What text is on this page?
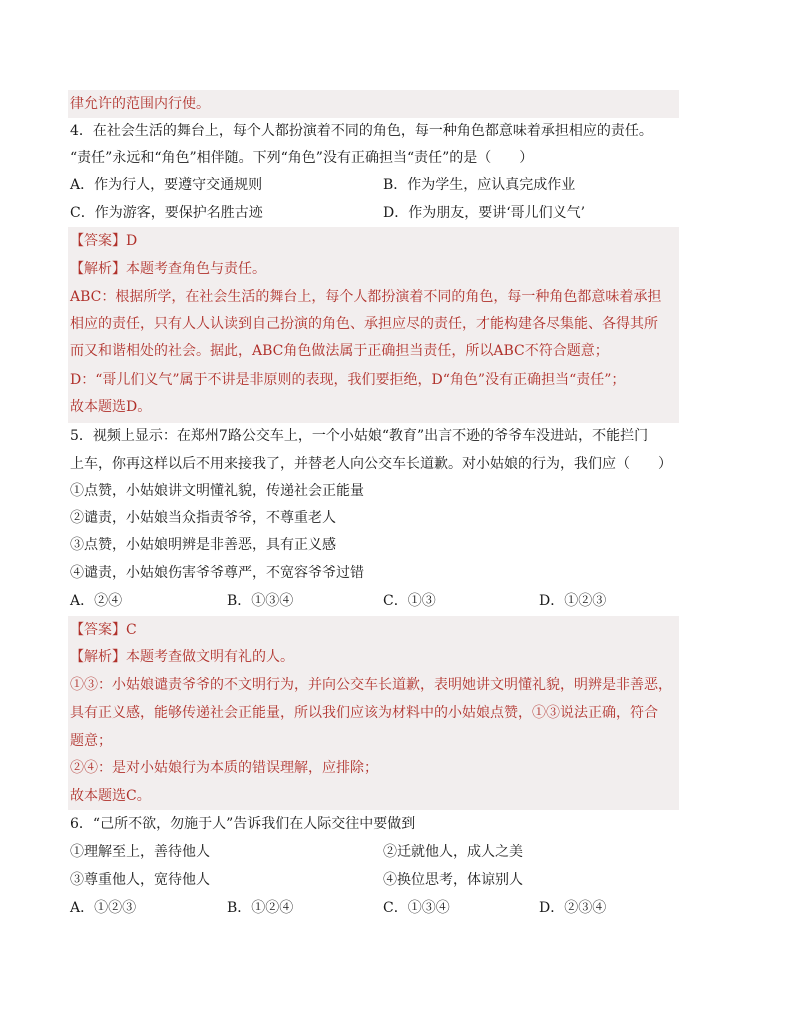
律允许的范围内行使。
4．在社会生活的舞台上，每个人都扮演着不同的角色，每一种角色都意味着承担相应的责任。
“责任”永远和“角色”相伴随。下列“角色”没有正确担当“责任”的是（　　）
A．作为行人，要遵守交通规则	B．作为学生，应认真完成作业
C．作为游客，要保护名胜古迹	D．作为朋友，要讲‘哥儿们义气’
【答案】D
【解析】本题考查角色与责任。
ABC：根据所学，在社会生活的舞台上，每个人都扮演着不同的角色，每一种角色都意味着承担
相应的责任，只有人人认读到自己扮演的角色、承担应尽的责任，才能构建各尽集能、各得其所
而又和谐相处的社会。据此，ABC角色做法属于正确担当责任，所以ABC不符合题意；
D：“哥儿们义气”属于不讲是非原则的表现，我们要拒绝，D“角色”没有正确担当“责任”；
故本题选D。
5．视频上显示：在郑州7路公交车上，一个小姑娘“教育”出言不逊的爷爷车没进站，不能拦门
上车，你再这样以后不用来接我了，并替老人向公交车长道歉。对小姑娘的行为，我们应（　　）
①点赞，小姑娘讲文明懂礼貌，传递社会正能量
②谴责，小姑娘当众指责爷爷，不尊重老人
③点赞，小姑娘明辨是非善恶，具有正义感
④谴责，小姑娘伤害爷爷尊严，不宽容爷爷过错
A．②④	B．①③④	C．①③	D．①②③
【答案】C
【解析】本题考查做文明有礼的人。
①③：小姑娘谴责爷爷的不文明行为，并向公交车长道歉，表明她讲文明懂礼貌，明辨是非善恶，
具有正义感，能够传递社会正能量，所以我们应该为材料中的小姑娘点赞，①③说法正确，符合
题意；
②④：是对小姑娘行为本质的错误理解，应排除；
故本题选C。
6．“己所不欲，勿施于人”告诉我们在人际交往中要做到
①理解至上，善待他人	②迁就他人，成人之美
③尊重他人，宽待他人	④换位思考，体谅别人
A．①②③	B．①②④	C．①③④	D．②③④
